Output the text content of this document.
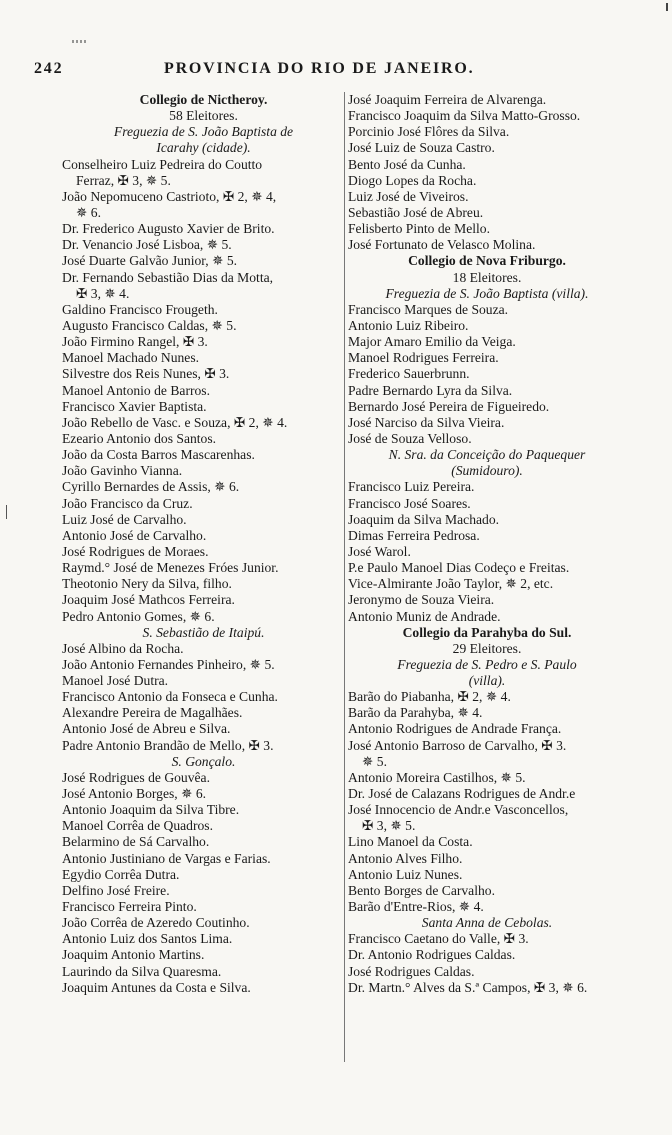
242	PROVINCIA DO RIO DE JANEIRO.
Collegio de Nictheroy.
58 Eleitores.
Freguezia de S. João Baptista de
Icarahy (cidade).
Conselheiro Luiz Pedreira do Coutto
Ferraz, ✠ 3, ✵ 5.
João Nepomuceno Castrioto, ✠ 2, ✵ 4,
✵ 6.
Dr. Frederico Augusto Xavier de Brito.
Dr. Venancio José Lisboa, ✵ 5.
José Duarte Galvão Junior, ✵ 5.
Dr. Fernando Sebastião Dias da Motta,
✠ 3, ✵ 4.
Galdino Francisco Frougeth.
Augusto Francisco Caldas, ✵ 5.
João Firmino Rangel, ✠ 3.
Manoel Machado Nunes.
Silvestre dos Reis Nunes, ✠ 3.
Manoel Antonio de Barros.
Francisco Xavier Baptista.
João Rebello de Vasc. e Souza, ✠ 2, ✵ 4.
Ezeario Antonio dos Santos.
João da Costa Barros Mascarenhas.
João Gavinho Vianna.
Cyrillo Bernardes de Assis, ✵ 6.
João Francisco da Cruz.
Luiz José de Carvalho.
Antonio José de Carvalho.
José Rodrigues de Moraes.
Raymd.° José de Menezes Fróes Junior.
Theotonio Nery da Silva, filho.
Joaquim José Mathcos Ferreira.
Pedro Antonio Gomes, ✵ 6.
S. Sebastião de Itaipú.
José Albino da Rocha.
João Antonio Fernandes Pinheiro, ✵ 5.
Manoel José Dutra.
Francisco Antonio da Fonseca e Cunha.
Alexandre Pereira de Magalhães.
Antonio José de Abreu e Silva.
Padre Antonio Brandão de Mello, ✠ 3.
S. Gonçalo.
José Rodrigues de Gouvêa.
José Antonio Borges, ✵ 6.
Antonio Joaquim da Silva Tibre.
Manoel Corrêa de Quadros.
Belarmino de Sá Carvalho.
Antonio Justiniano de Vargas e Farias.
Egydio Corrêa Dutra.
Delfino José Freire.
Francisco Ferreira Pinto.
João Corrêa de Azeredo Coutinho.
Antonio Luiz dos Santos Lima.
Joaquim Antonio Martins.
Laurindo da Silva Quaresma.
Joaquim Antunes da Costa e Silva.
José Joaquim Ferreira de Alvarenga.
Francisco Joaquim da Silva Matto-Grosso.
Porcinio José Flôres da Silva.
José Luiz de Souza Castro.
Bento José da Cunha.
Diogo Lopes da Rocha.
Luiz José de Viveiros.
Sebastião José de Abreu.
Felisberto Pinto de Mello.
José Fortunato de Velasco Molina.
Collegio de Nova Friburgo.
18 Eleitores.
Freguezia de S. João Baptista (villa).
Francisco Marques de Souza.
Antonio Luiz Ribeiro.
Major Amaro Emilio da Veiga.
Manoel Rodrigues Ferreira.
Frederico Sauerbrunn.
Padre Bernardo Lyra da Silva.
Bernardo José Pereira de Figueiredo.
José Narciso da Silva Vieira.
José de Souza Velloso.
N. Sra. da Conceição do Paquequer
(Sumidouro).
Francisco Luiz Pereira.
Francisco José Soares.
Joaquim da Silva Machado.
Dimas Ferreira Pedrosa.
José Warol.
P.e Paulo Manoel Dias Codeço e Freitas.
Vice-Almirante João Taylor, ✵ 2, etc.
Jeronymo de Souza Vieira.
Antonio Muniz de Andrade.
Collegio da Parahyba do Sul.
29 Eleitores.
Freguezia de S. Pedro e S. Paulo
(villa).
Barão do Piabanha, ✠ 2, ✵ 4.
Barão da Parahyba, ✵ 4.
Antonio Rodrigues de Andrade França.
José Antonio Barroso de Carvalho, ✠ 3.
✵ 5.
Antonio Moreira Castilhos, ✵ 5.
Dr. José de Calazans Rodrigues de Andr.e
José Innocencio de Andr.e Vasconcellos,
✠ 3, ✵ 5.
Lino Manoel da Costa.
Antonio Alves Filho.
Antonio Luiz Nunes.
Bento Borges de Carvalho.
Barão d'Entre-Rios, ✵ 4.
Santa Anna de Cebolas.
Francisco Caetano do Valle, ✠ 3.
Dr. Antonio Rodrigues Caldas.
José Rodrigues Caldas.
Dr. Martn.° Alves da S.ª Campos, ✠ 3, ✵ 6.
